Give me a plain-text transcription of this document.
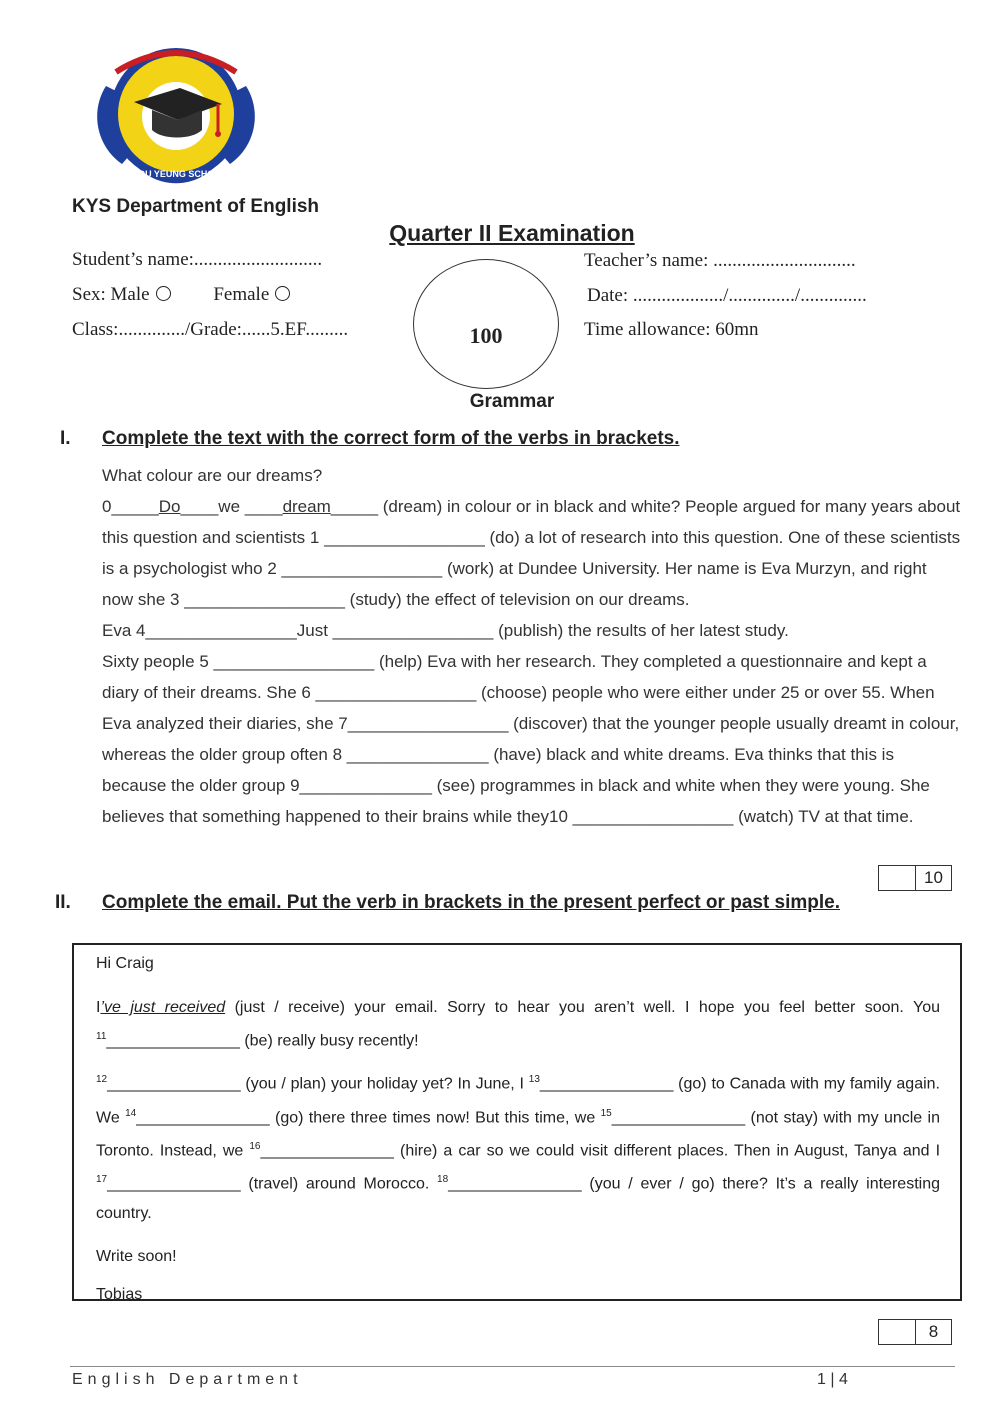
KROU YEUNG SCHOOL
KYS Department of English
Quarter II Examination
Student’s name:...........................
Sex: Male	Female
Class:............../Grade:......5.EF.........	100
Teacher’s name: ..............................
Date: .................../............../..............
Time allowance: 60mn
Grammar
I. Complete the text with the correct form of the verbs in brackets.

What colour are our dreams?

0_____Do____we ____dream_____ (dream) in colour or in black and white? People argued for many years about this question and scientists 1 _________________ (do) a lot of research into this question. One of these scientists is a psychologist who 2 _________________ (work) at Dundee University. Her name is Eva Murzyn, and right now she 3 _________________ (study) the effect of television on our dreams.

Eva 4________________Just _________________ (publish) the results of her latest study.

Sixty people 5 _________________ (help) Eva with her research. They completed a questionnaire and kept a diary of their dreams. She 6 _________________ (choose) people who were either under 25 or over 55. When Eva analyzed their diaries, she 7_________________ (discover) that the younger people usually dreamt in colour, whereas the older group often 8 _______________ (have) black and white dreams. Eva thinks that this is because the older group 9______________ (see) programmes in black and white when they were young. She believes that something happened to their brains while they10 _________________ (watch) TV at that time.

10
II. Complete the email. Put the verb in brackets in the present perfect or past simple.

Hi Craig

I’ve just received (just / receive) your email. Sorry to hear you aren’t well. I hope you feel better soon. You $^{11}$_______________ (be) really busy recently!

$^{12}$_______________ (you / plan) your holiday yet? In June, I $^{13}$_______________ (go) to Canada with my family again. We $^{14}$_______________ (go) there three times now! But this time, we $^{15}$_______________ (not stay) with my uncle in Toronto. Instead, we $^{16}$_______________ (hire) a car so we could visit different places. Then in August, Tanya and I $^{17}$_______________ (travel) around Morocco. $^{18}$_______________ (you / ever / go) there? It’s a really interesting country.

Write soon!

Tobias

8
English Department	1 | 4
